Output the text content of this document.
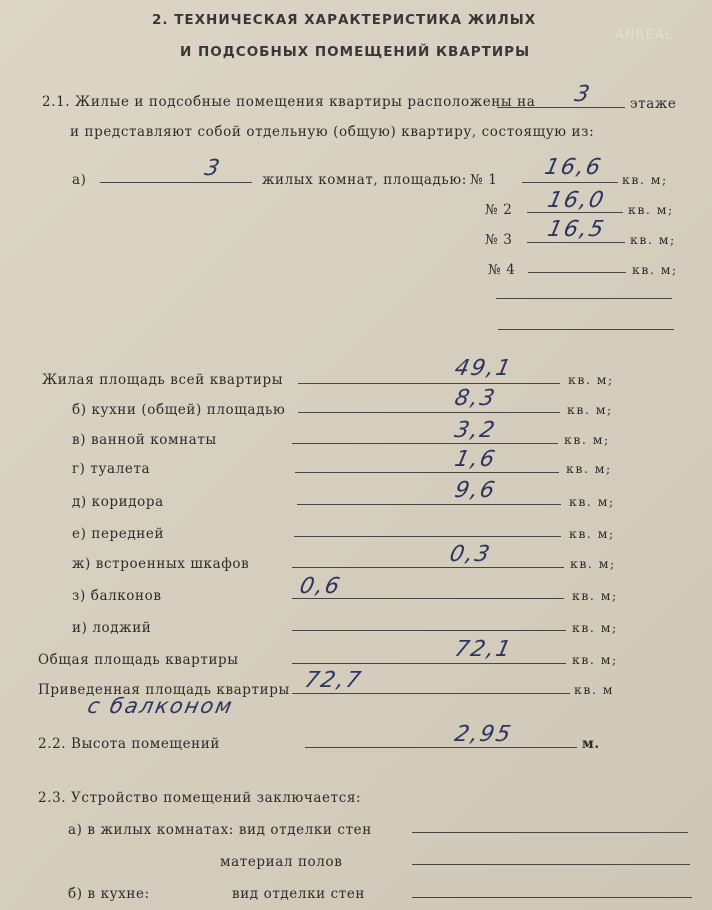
ANREAL
2. ТЕХНИЧЕСКАЯ ХАРАКТЕРИСТИКА ЖИЛЫХ
И ПОДСОБНЫХ ПОМЕЩЕНИЙ КВАРТИРЫ
2.1. Жилые и подсобные помещения квартиры расположены на 3	этаже
и представляют собой отдельную (общую) квартиру, состоящую из:
а)	3	жилых комнат, площадью: № 1 16,6 кв. м;
№ 2 16,0 кв. м;
№ 3 16,5 кв. м;
№ 4	кв. м;
Жилая площадь всей квартиры	49,1	кв. м;
б) кухни (общей) площадью	8,3	кв. м;
в) ванной комнаты	3,2	кв. м;
г) туалета	1,6	кв. м;
д) коридора	9,6	кв. м;
е) передней	кв. м;
ж) встроенных шкафов	0,3	кв. м;
з) балконов	0,6	кв. м;
и) лоджий	кв. м;
Общая площадь квартиры	72,1	кв. м;
Приведенная площадь квартиры 72,7	кв. м
с балконом
2.2. Высота помещений	2,95	м.
2.3. Устройство помещений заключается:
а) в жилых комнатах: вид отделки стен
материал полов
б) в кухне:	вид отделки стен
